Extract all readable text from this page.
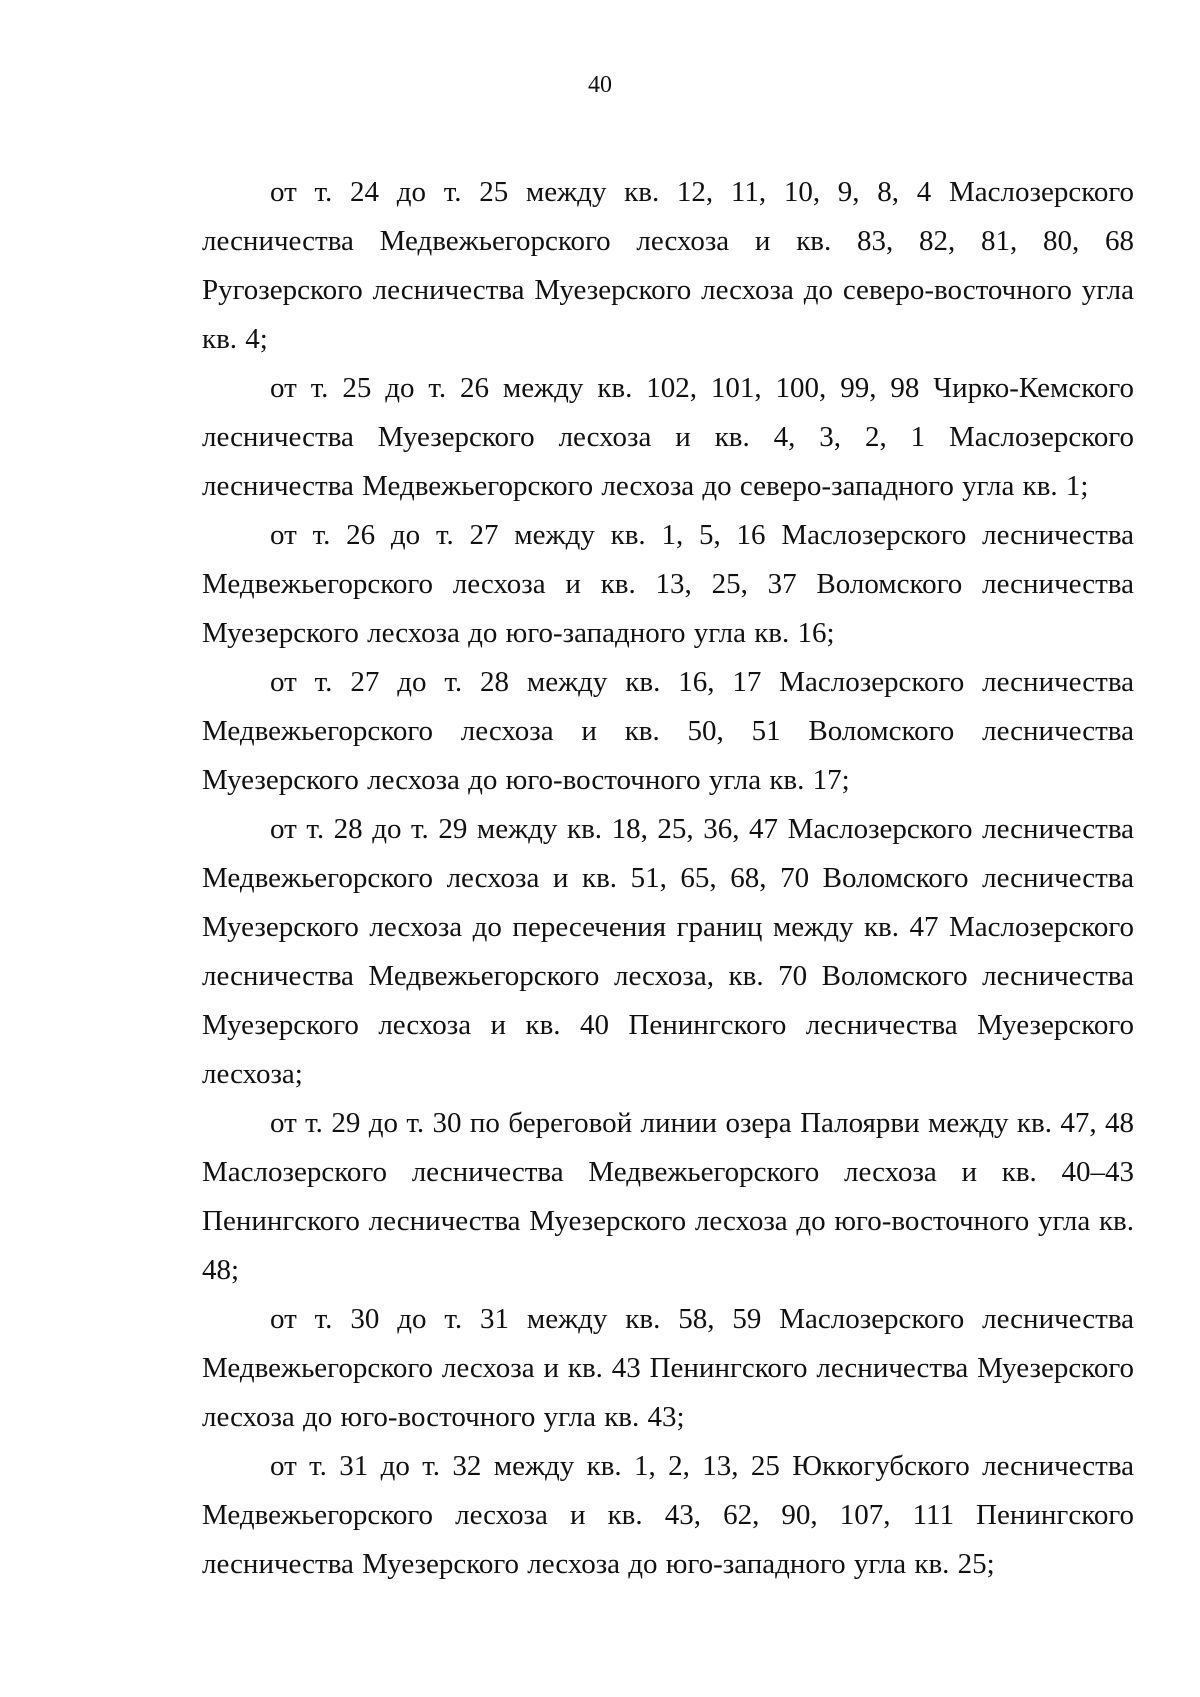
40

от т. 24 до т. 25 между кв. 12, 11, 10, 9, 8, 4 Маслозерского лесничества Медвежьегорского лесхоза и кв. 83, 82, 81, 80, 68 Ругозерского лесничества Муезерского лесхоза до северо-восточного угла кв. 4;

от т. 25 до т. 26 между кв. 102, 101, 100, 99, 98 Чирко-Кемского лесничества Муезерского лесхоза и кв. 4, 3, 2, 1 Маслозерского лесничества Медвежьегорского лесхоза до северо-западного угла кв. 1;

от т. 26 до т. 27 между кв. 1, 5, 16 Маслозерского лесничества Медвежьегорского лесхоза и кв. 13, 25, 37 Воломского лесничества Муезерского лесхоза до юго-западного угла кв. 16;

от т. 27 до т. 28 между кв. 16, 17 Маслозерского лесничества Медвежьегорского лесхоза и кв. 50, 51 Воломского лесничества Муезерского лесхоза до юго-восточного угла кв. 17;

от т. 28 до т. 29 между кв. 18, 25, 36, 47 Маслозерского лесничества Медвежьегорского лесхоза и кв. 51, 65, 68, 70 Воломского лесничества Муезерского лесхоза до пересечения границ между кв. 47 Маслозерского лесничества Медвежьегорского лесхоза, кв. 70 Воломского лесничества Муезерского лесхоза и кв. 40 Пенингского лесничества Муезерского лесхоза;

от т. 29 до т. 30 по береговой линии озера Палоярви между кв. 47, 48 Маслозерского лесничества Медвежьегорского лесхоза и кв. 40–43 Пенингского лесничества Муезерского лесхоза до юго-восточного угла кв. 48;

от т. 30 до т. 31 между кв. 58, 59 Маслозерского лесничества Медвежьегорского лесхоза и кв. 43 Пенингского лесничества Муезерского лесхоза до юго-восточного угла кв. 43;

от т. 31 до т. 32 между кв. 1, 2, 13, 25 Юккогубского лесничества Медвежьегорского лесхоза и кв. 43, 62, 90, 107, 111 Пенингского лесничества Муезерского лесхоза до юго-западного угла кв. 25;
